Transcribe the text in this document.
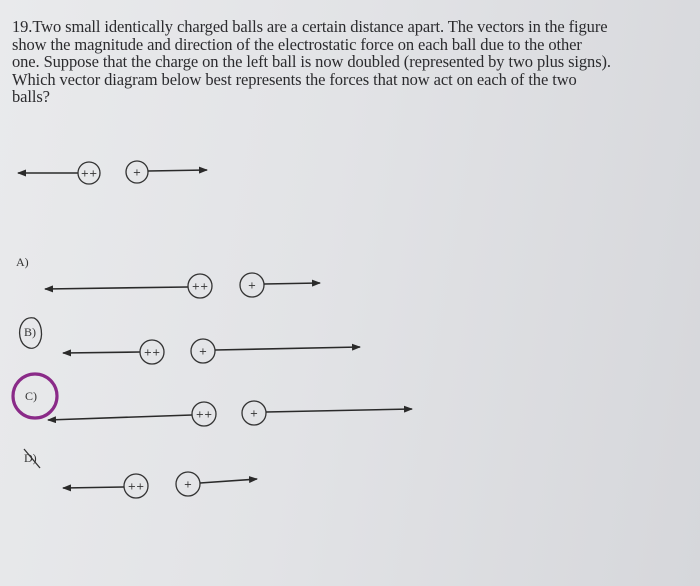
19.Two small identically charged balls are a certain distance apart. The vectors in the figure
show the magnitude and direction of the electrostatic force on each ball due to the other
one. Suppose that the charge on the left ball is now doubled (represented by two plus signs).
Which vector diagram below best represents the forces that now act on each of the two
balls?
++	+
A)
++	+
B)
++	+
C)
++	+
D)
++	+
